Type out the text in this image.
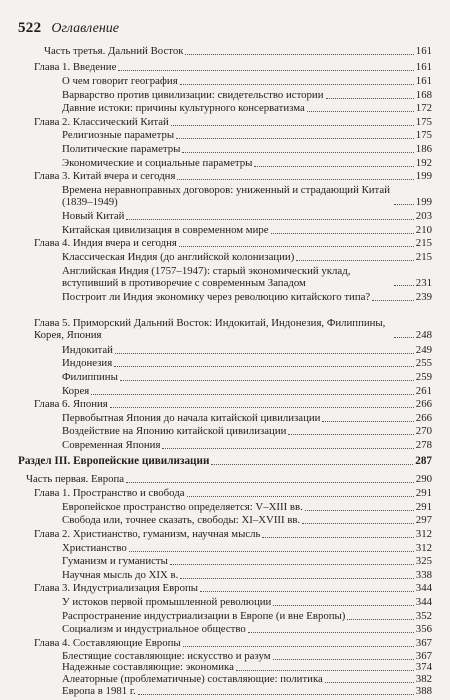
522 Оглавление
Часть третья. Дальний Восток	161
Глава 1. Введение	161
О чем говорит география	161
Варварство против цивилизации: свидетельство истории	168
Давние истоки: причины культурного консерватизма	172
Глава 2. Классический Китай	175
Религиозные параметры	175
Политические параметры	186
Экономические и социальные параметры	192
Глава 3. Китай вчера и сегодня	199
Времена неравноправных договоров: униженный и страдающий Китай (1839–1949)	199
Новый Китай	203
Китайская цивилизация в современном мире	210
Глава 4. Индия вчера и сегодня	215
Классическая Индия (до английской колонизации)	215
Английская Индия (1757–1947): старый экономический уклад, вступивший в противоречие с современным Западом	231
Построит ли Индия экономику через революцию китайского типа?	239
Глава 5. Приморский Дальний Восток: Индокитай, Индонезия, Филиппины, Корея, Япония	248
Индокитай	249
Индонезия	255
Филиппины	259
Корея	261
Глава 6. Япония	266
Первобытная Япония до начала китайской цивилизации	266
Воздействие на Японию китайской цивилизации	270
Современная Япония	278
Раздел III. Европейские цивилизации	287
Часть первая. Европа	290
Глава 1. Пространство и свобода	291
Европейское пространство определяется: V–XIII вв.	291
Свобода или, точнее сказать, свободы: XI–XVIII вв.	297
Глава 2. Христианство, гуманизм, научная мысль	312
Христианство	312
Гуманизм и гуманисты	325
Научная мысль до XIX в.	338
Глава 3. Индустриализация Европы	344
У истоков первой промышленной революции	344
Распространение индустриализации в Европе (и вне Европы)	352
Социализм и индустриальное общество	356
Глава 4. Составляющие Европы	367
Блестящие составляющие: искусство и разум	367
Надежные составляющие: экономика	374
Алеаторные (проблематичные) составляющие: политика	382
Европа в 1981 г.	388
